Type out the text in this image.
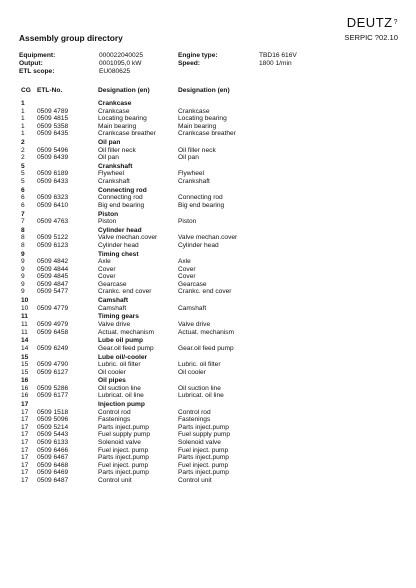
DEUTZ?
SERPIC ?02.10
Assembly group directory
Equipment:	000022040025	Engine type:	TBD16 616V
Output:	0001095,0 kW	Speed:	1800 1/min
ETL scope:	EU080625
CG ETL-No.	Designation (en)	Designation (en)
1	Crankcase
1 0509 4789	Crankcase	Crankcase
1 0509 4815	Locating bearing	Locating bearing
1 0509 5358	Main bearing	Main bearing
1 0509 6435	Crankcase breather	Crankcase breather
2	Oil pan
2 0509 5496	Oil filler neck	Oil filler neck
2 0509 6439	Oil pan	Oil pan
5	Crankshaft
5 0509 6189	Flywheel	Flywheel
5 0509 6433	Crankshaft	Crankshaft
6	Connecting rod
6 0509 6323	Connecting rod	Connecting rod
6 0509 6410	Big end bearing	Big end bearing
7	Piston
7 0509 4763	Piston	Piston
8	Cylinder head
8 0509 5122	Valve mechan.cover	Valve mechan.cover
8 0509 6123	Cylinder head	Cylinder head
9	Timing chest
9 0509 4842	Axle	Axle
9 0509 4844	Cover	Cover
9 0509 4845	Cover	Cover
9 0509 4847	Gearcase	Gearcase
9 0509 5477	Crankc. end cover	Crankc. end cover
10	Camshaft
10 0509 4779	Camshaft	Camshaft
11	Timing gears
11 0509 4979	Valve drive	Valve drive
11 0509 6458	Actuat. mechanism	Actuat. mechanism
14	Lube oil pump
14 0509 6249	Gear.oil feed pump	Gear.oil feed pump
15	Lube oil/-cooler
15 0509 4790	Lubric. oil filter	Lubric. oil filter
15 0509 6127	Oil cooler	Oil cooler
16	Oil pipes
16 0509 5286	Oil suction line	Oil suction line
16 0509 6177	Lubricat. oil line	Lubricat. oil line
17	Injection pump
17 0509 1518	Control rod	Control rod
17 0509 5096	Fastenings	Fastenings
17 0509 5214	Parts inject.pump	Parts inject.pump
17 0509 5443	Fuel supply pump	Fuel supply pump
17 0509 6133	Solenoid valve	Solenoid valve
17 0509 6466	Fuel inject. pump	Fuel inject. pump
17 0509 6467	Parts inject.pump	Parts inject.pump
17 0509 6468	Fuel inject. pump	Fuel inject. pump
17 0509 6469	Parts inject.pump	Parts inject.pump
17 0509 6487	Control unit	Control unit
